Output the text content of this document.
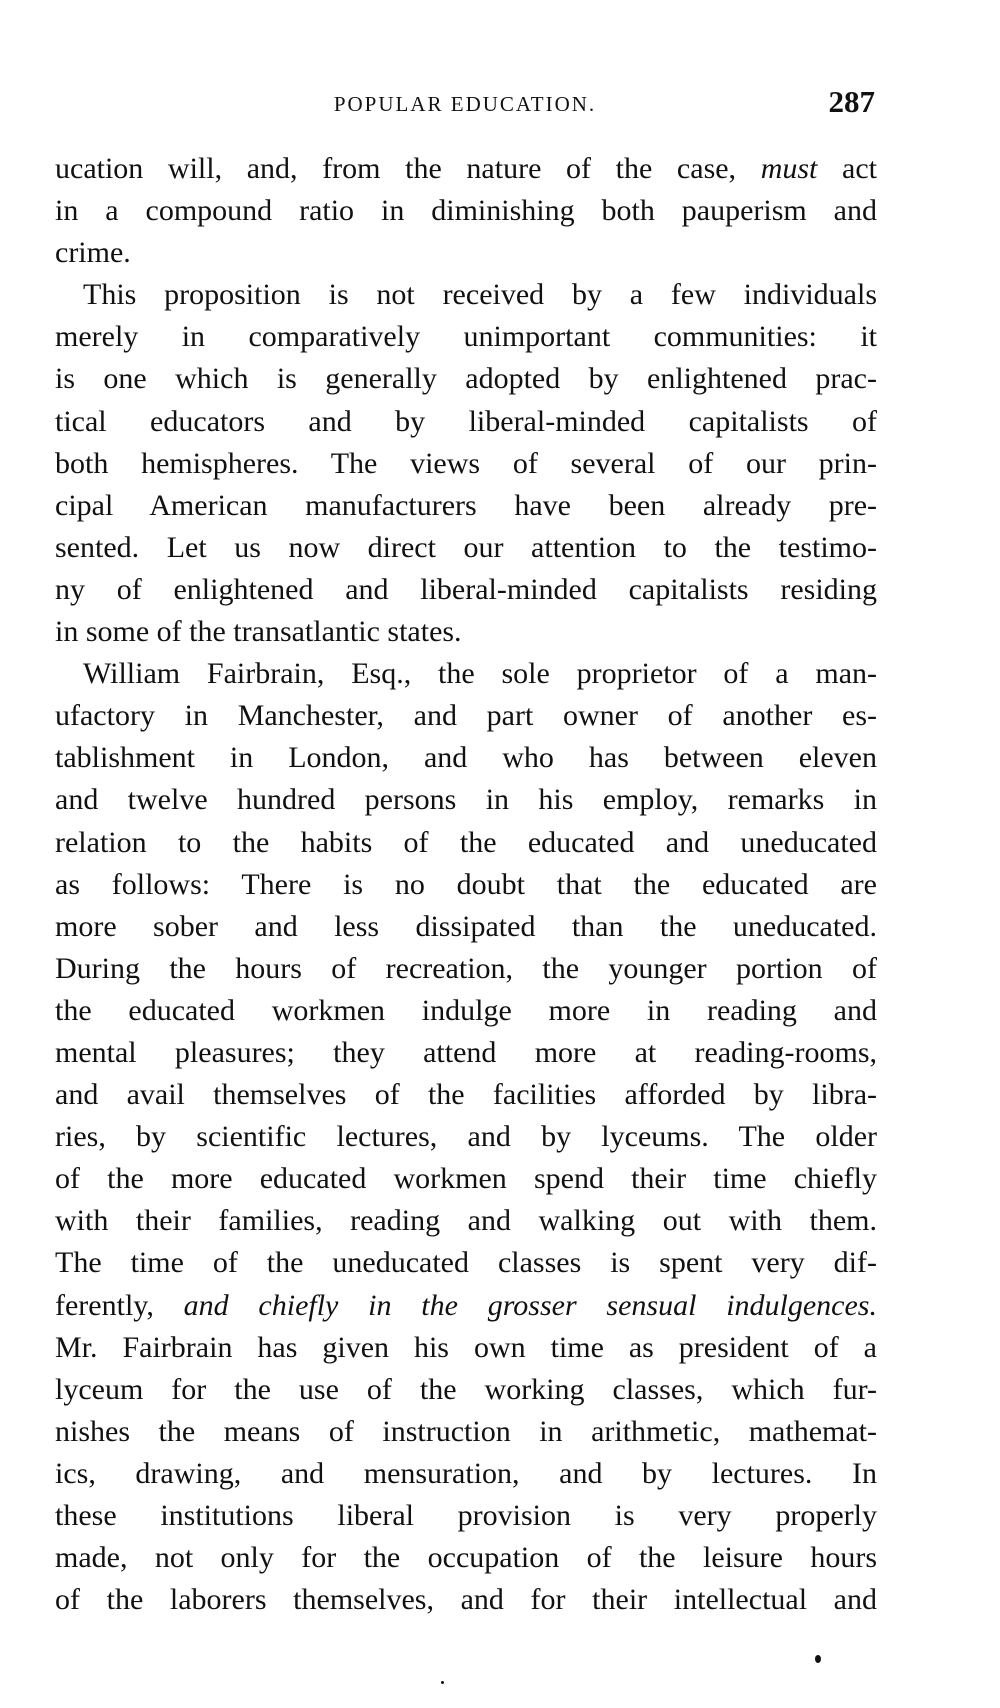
POPULAR EDUCATION.	287
ucation will, and, from the nature of the case, must act
in a compound ratio in diminishing both pauperism and
crime.
This proposition is not received by a few individuals
merely in comparatively unimportant communities: it
is one which is generally adopted by enlightened prac-
tical educators and by liberal-minded capitalists of
both hemispheres. The views of several of our prin-
cipal American manufacturers have been already pre-
sented. Let us now direct our attention to the testimo-
ny of enlightened and liberal-minded capitalists residing
in some of the transatlantic states.
William Fairbrain, Esq., the sole proprietor of a man-
ufactory in Manchester, and part owner of another es-
tablishment in London, and who has between eleven
and twelve hundred persons in his employ, remarks in
relation to the habits of the educated and uneducated
as follows: There is no doubt that the educated are
more sober and less dissipated than the uneducated.
During the hours of recreation, the younger portion of
the educated workmen indulge more in reading and
mental pleasures; they attend more at reading-rooms,
and avail themselves of the facilities afforded by libra-
ries, by scientific lectures, and by lyceums. The older
of the more educated workmen spend their time chiefly
with their families, reading and walking out with them.
The time of the uneducated classes is spent very dif-
ferently, and chiefly in the grosser sensual indulgences.
Mr. Fairbrain has given his own time as president of a
lyceum for the use of the working classes, which fur-
nishes the means of instruction in arithmetic, mathemat-
ics, drawing, and mensuration, and by lectures. In
these institutions liberal provision is very properly
made, not only for the occupation of the leisure hours
of the laborers themselves, and for their intellectual and
